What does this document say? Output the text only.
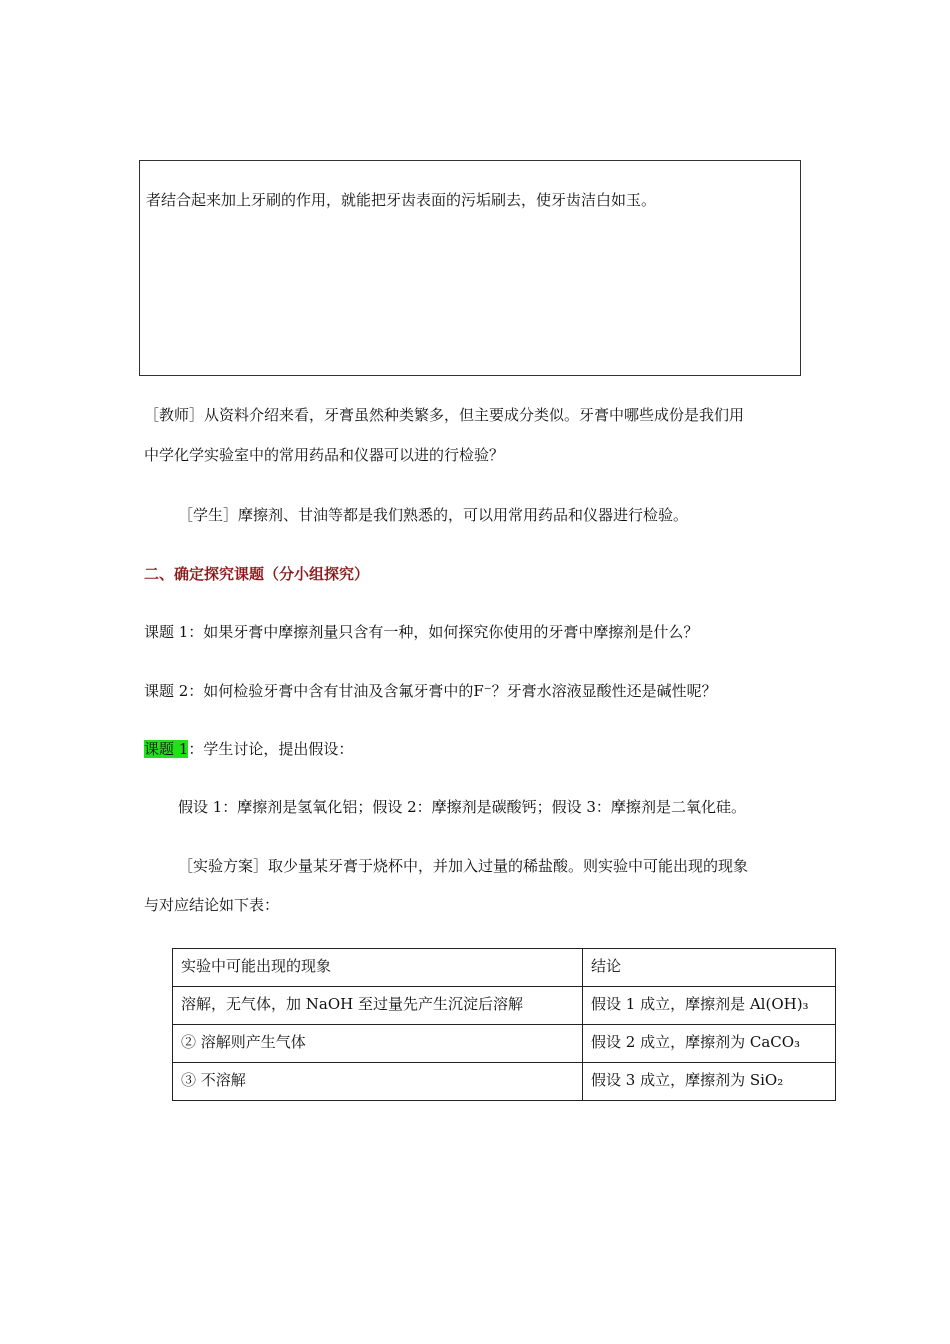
者结合起来加上牙刷的作用，就能把牙齿表面的污垢刷去，使牙齿洁白如玉。
［教师］从资料介绍来看，牙膏虽然种类繁多，但主要成分类似。牙膏中哪些成份是我们用
中学化学实验室中的常用药品和仪器可以进的行检验？
［学生］摩擦剂、甘油等都是我们熟悉的，可以用常用药品和仪器进行检验。
二、确定探究课题（分小组探究）
课题 1：如果牙膏中摩擦剂量只含有一种，如何探究你使用的牙膏中摩擦剂是什么？
课题 2：如何检验牙膏中含有甘油及含氟牙膏中的F⁻？牙膏水溶液显酸性还是碱性呢？
课题 1：学生讨论，提出假设：
假设 1：摩擦剂是氢氧化铝；假设 2：摩擦剂是碳酸钙；假设 3：摩擦剂是二氧化硅。
［实验方案］取少量某牙膏于烧杯中，并加入过量的稀盐酸。则实验中可能出现的现象
与对应结论如下表：
实验中可能出现的现象	结论
溶解，无气体，加 NaOH 至过量先产生沉淀后溶解	假设 1 成立，摩擦剂是 Al(OH)₃
② 溶解则产生气体	假设 2 成立，摩擦剂为 CaCO₃
③ 不溶解	假设 3 成立，摩擦剂为 SiO₂
